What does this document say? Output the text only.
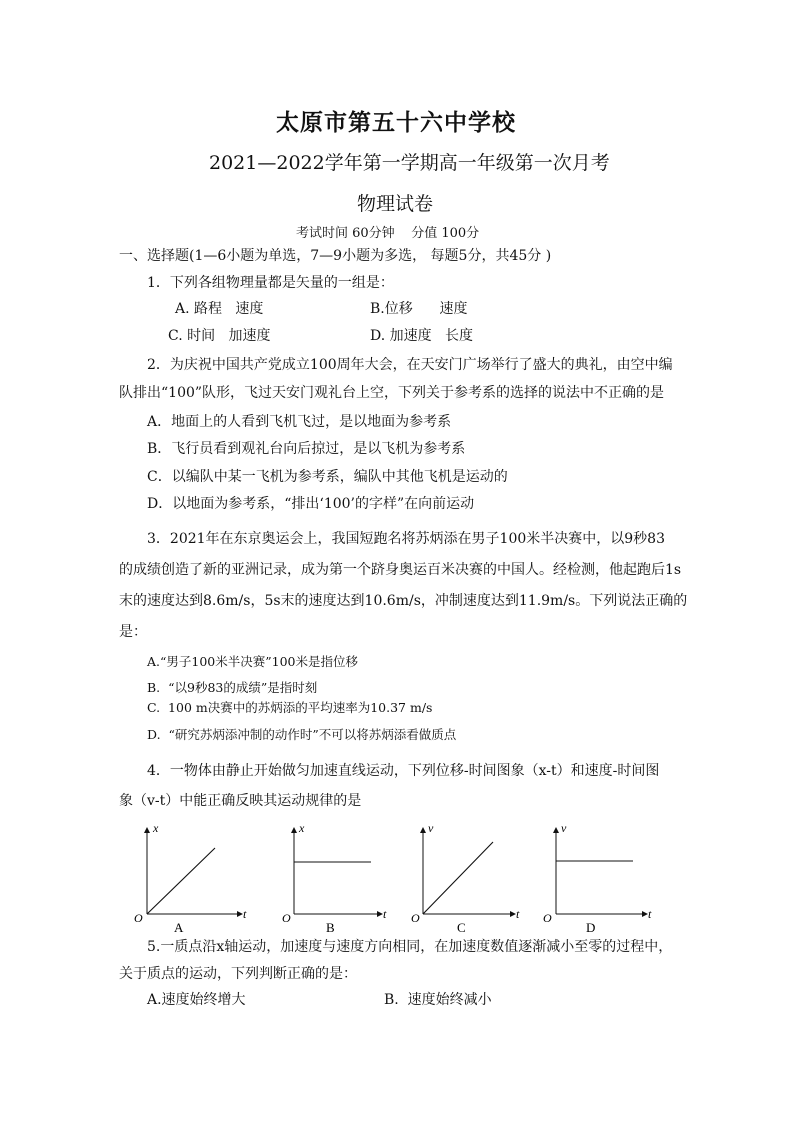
太原市第五十六中学校
2021—2022学年第一学期高一年级第一次月考
物理试卷
考试时间 60分钟    分值 100分
一、选择题(1—6小题为单选，7—9小题为多选， 每题5分，共45分 )
1．下列各组物理量都是矢量的一组是：
A. 路程   速度	B.位移      速度
C. 时间   加速度	D. 加速度   长度
2．为庆祝中国共产党成立100周年大会，在天安门广场举行了盛大的典礼，由空中编
队排出“100”队形，飞过天安门观礼台上空，下列关于参考系的选择的说法中不正确的是
A．地面上的人看到飞机飞过，是以地面为参考系
B．飞行员看到观礼台向后掠过，是以飞机为参考系
C．以编队中某一飞机为参考系，编队中其他飞机是运动的
D．以地面为参考系，“排出‘100’的字样”在向前运动
3．2021年在东京奥运会上，我国短跑名将苏炳添在男子100米半决赛中，以9秒83
的成绩创造了新的亚洲记录，成为第一个跻身奥运百米决赛的中国人。经检测，他起跑后1s
末的速度达到8.6m/s，5s末的速度达到10.6m/s，冲制速度达到11.9m/s。下列说法正确的
是：
A.“男子100米半决赛”100米是指位移
B.  “以9秒83的成绩”是指时刻
C.  100 m决赛中的苏炳添的平均速率为10.37 m/s
D.  “研究苏炳添冲制的动作时”不可以将苏炳添看做质点
4．一物体由静止开始做匀加速直线运动，下列位移-时间图象（x-t）和速度-时间图
象（v-t）中能正确反映其运动规律的是
x
t
O
A
x
t
O
B
v
t
O
C
v
t
O
D
5.一质点沿x轴运动，加速度与速度方向相同，在加速度数值逐渐减小至零的过程中，
关于质点的运动，下列判断正确的是：
A.速度始终增大	B.  速度始终减小
